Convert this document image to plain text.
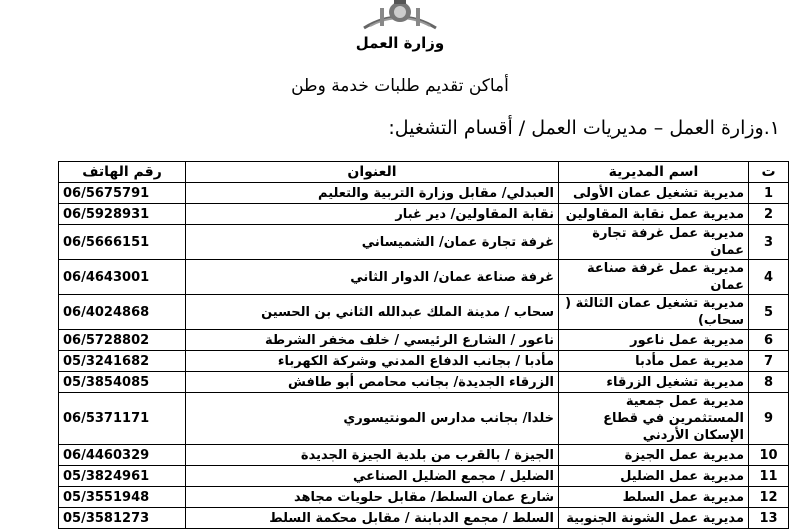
وزارة العمل
أماكن تقديم طلبات خدمة وطن
١.وزارة العمل – مديريات العمل / أقسام التشغيل:
ت	اسم المديرية	العنوان	رقم الهاتف
1	مديرية تشغيل عمان الأولى	العبدلي/ مقابل وزارة التربية والتعليم	06/5675791
2	مديرية عمل نقابة المقاولين	نقابة المقاولين/ دير غبار	06/5928931
3	مديرية عمل غرفة تجارة عمان	غرفة تجارة عمان/ الشميساني	06/5666151
4	مديرية عمل غرفة صناعة عمان	غرفة صناعة عمان/ الدوار الثاني	06/4643001
5	مديرية تشغيل عمان الثالثة ( سحاب)	سحاب / مدينة الملك عبدالله الثاني بن الحسين	06/4024868
6	مديرية عمل ناعور	ناعور / الشارع الرئيسي / خلف مخفر الشرطة	06/5728802
7	مديرية عمل مأدبا	مأدبا / بجانب الدفاع المدني وشركة الكهرباء	05/3241682
8	مديرية تشغيل الزرقاء	الزرقاء الجديدة/ بجانب محامص أبو طافش	05/3854085
9	مديرية عمل جمعية المستثمرين في قطاع الإسكان الأردني	خلدا/ بجانب مدارس المونتيسوري	06/5371171
10	مديرية عمل الجيزة	الجيزة / بالقرب من بلدية الجيزة الجديدة	06/4460329
11	مديرية عمل الضليل	الضليل / مجمع الضليل الصناعي	05/3824961
12	مديرية عمل السلط	شارع عمان السلط/ مقابل حلويات مجاهد	05/3551948
13	مديرية عمل الشونة الجنوبية	السلط / مجمع الدبابنة / مقابل محكمة السلط	05/3581273
